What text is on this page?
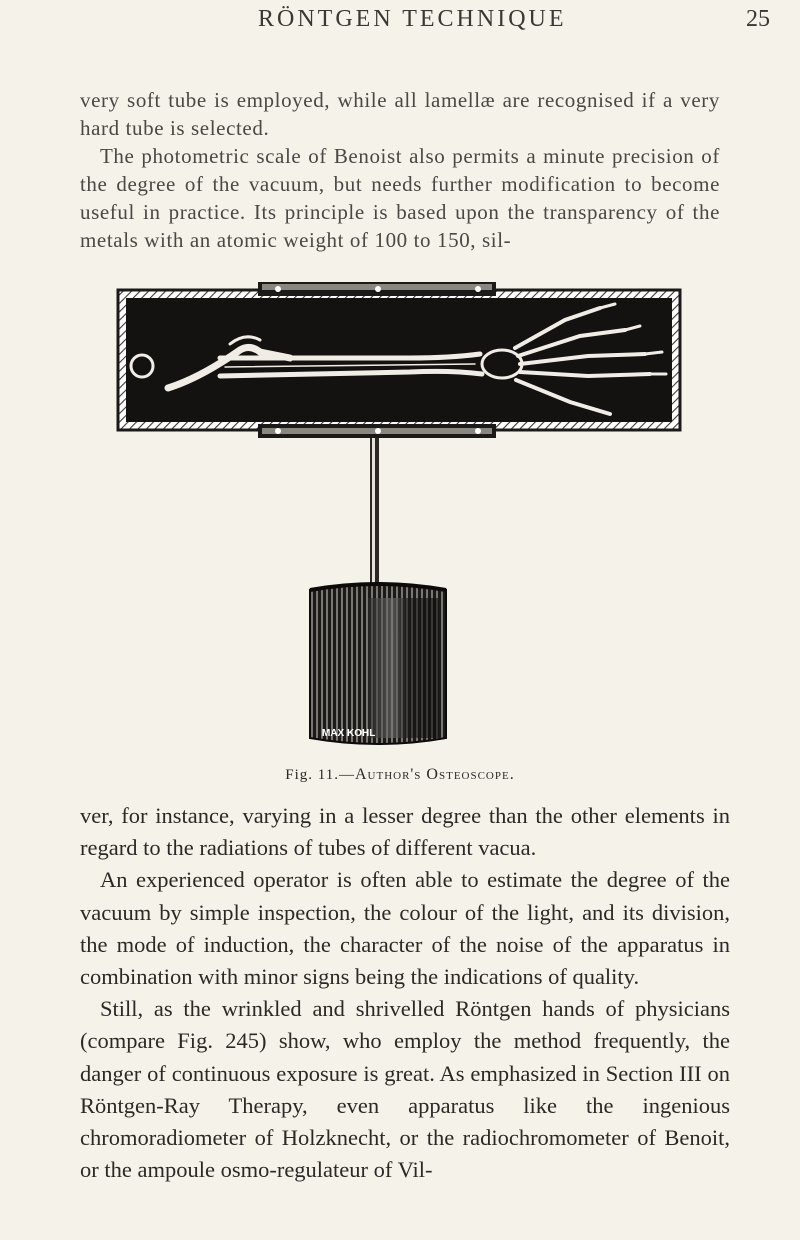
RÖNTGEN TECHNIQUE	25

very soft tube is employed, while all lamellæ are recognised if a very hard tube is selected.

The photometric scale of Benoist also permits a minute precision of the degree of the vacuum, but needs further modification to become useful in practice. Its principle is based upon the transparency of the metals with an atomic weight of 100 to 150, sil-

MAX KOHL
Fig. 11.—Author's Osteoscope.

ver, for instance, varying in a lesser degree than the other elements in regard to the radiations of tubes of different vacua.

An experienced operator is often able to estimate the degree of the vacuum by simple inspection, the colour of the light, and its division, the mode of induction, the character of the noise of the apparatus in combination with minor signs being the indications of quality.

Still, as the wrinkled and shrivelled Röntgen hands of physicians (compare Fig. 245) show, who employ the method frequently, the danger of continuous exposure is great. As emphasized in Section III on Röntgen-Ray Therapy, even apparatus like the ingenious chromoradiometer of Holzknecht, or the radiochromometer of Benoit, or the ampoule osmo-regulateur of Vil-
